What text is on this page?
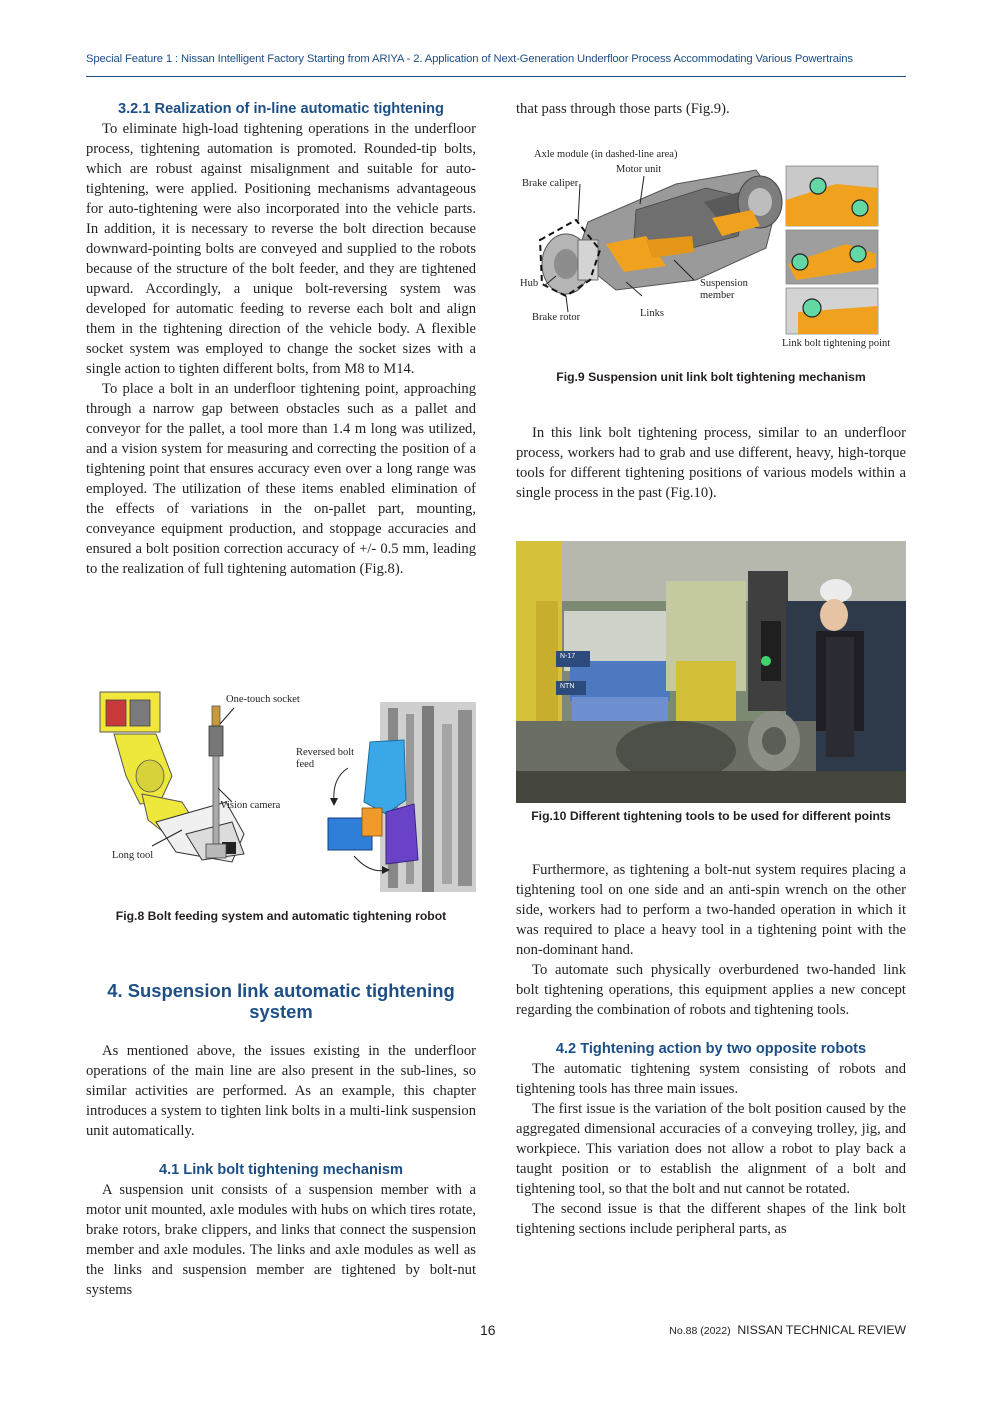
Special Feature 1 : Nissan Intelligent Factory Starting from ARIYA - 2. Application of Next-Generation Underfloor Process Accommodating Various Powertrains
3.2.1 Realization of in-line automatic tightening

To eliminate high-load tightening operations in the underfloor process, tightening automation is promoted. Rounded-tip bolts, which are robust against misalignment and suitable for auto-tightening, were applied. Positioning mechanisms advantageous for auto-tightening were also incorporated into the vehicle parts. In addition, it is necessary to reverse the bolt direction because downward-pointing bolts are conveyed and supplied to the robots because of the structure of the bolt feeder, and they are tightened upward. Accordingly, a unique bolt-reversing system was developed for automatic feeding to reverse each bolt and align them in the tightening direction of the vehicle body. A flexible socket system was employed to change the socket sizes with a single action to tighten different bolts, from M8 to M14.

To place a bolt in an underfloor tightening point, approaching through a narrow gap between obstacles such as a pallet and conveyor for the pallet, a tool more than 1.4 m long was utilized, and a vision system for measuring and correcting the position of a tightening point that ensures accuracy even over a long range was employed. The utilization of these items enabled elimination of the effects of variations in the on-pallet part, mounting, conveyance equipment production, and stoppage accuracies and ensured a bolt position correction accuracy of +/- 0.5 mm, leading to the realization of full tightening automation (Fig.8).

One-touch socket
Reversed bolt feed
Vision camera
Long tool
Fig.8 Bolt feeding system and automatic tightening robot
4. Suspension link automatic tightening system

As mentioned above, the issues existing in the underfloor operations of the main line are also present in the sub-lines, so similar activities are performed. As an example, this chapter introduces a system to tighten link bolts in a multi-link suspension unit automatically.

4.1 Link bolt tightening mechanism

A suspension unit consists of a suspension member with a motor unit mounted, axle modules with hubs on which tires rotate, brake rotors, brake clippers, and links that connect the suspension member and axle modules. The links and axle modules as well as the links and suspension member are tightened by bolt-nut systems

that pass through those parts (Fig.9).

Axle module (in dashed-line area)
Motor unit
Brake caliper
Hub	Suspension member
Links
Brake rotor
Link bolt tightening point
Fig.9 Suspension unit link bolt tightening mechanism

In this link bolt tightening process, similar to an underfloor process, workers had to grab and use different, heavy, high-torque tools for different tightening positions of various models within a single process in the past (Fig.10).

N-17
NTN
Fig.10 Different tightening tools to be used for different points

Furthermore, as tightening a bolt-nut system requires placing a tightening tool on one side and an anti-spin wrench on the other side, workers had to perform a two-handed operation in which it was required to place a heavy tool in a tightening point with the non-dominant hand.

To automate such physically overburdened two-handed link bolt tightening operations, this equipment applies a new concept regarding the combination of robots and tightening tools.

4.2 Tightening action by two opposite robots

The automatic tightening system consisting of robots and tightening tools has three main issues.

The first issue is the variation of the bolt position caused by the aggregated dimensional accuracies of a conveying trolley, jig, and workpiece. This variation does not allow a robot to play back a taught position or to establish the alignment of a bolt and tightening tool, so that the bolt and nut cannot be rotated.

The second issue is that the different shapes of the link bolt tightening sections include peripheral parts, as

16	No.88 (2022) NISSAN TECHNICAL REVIEW
